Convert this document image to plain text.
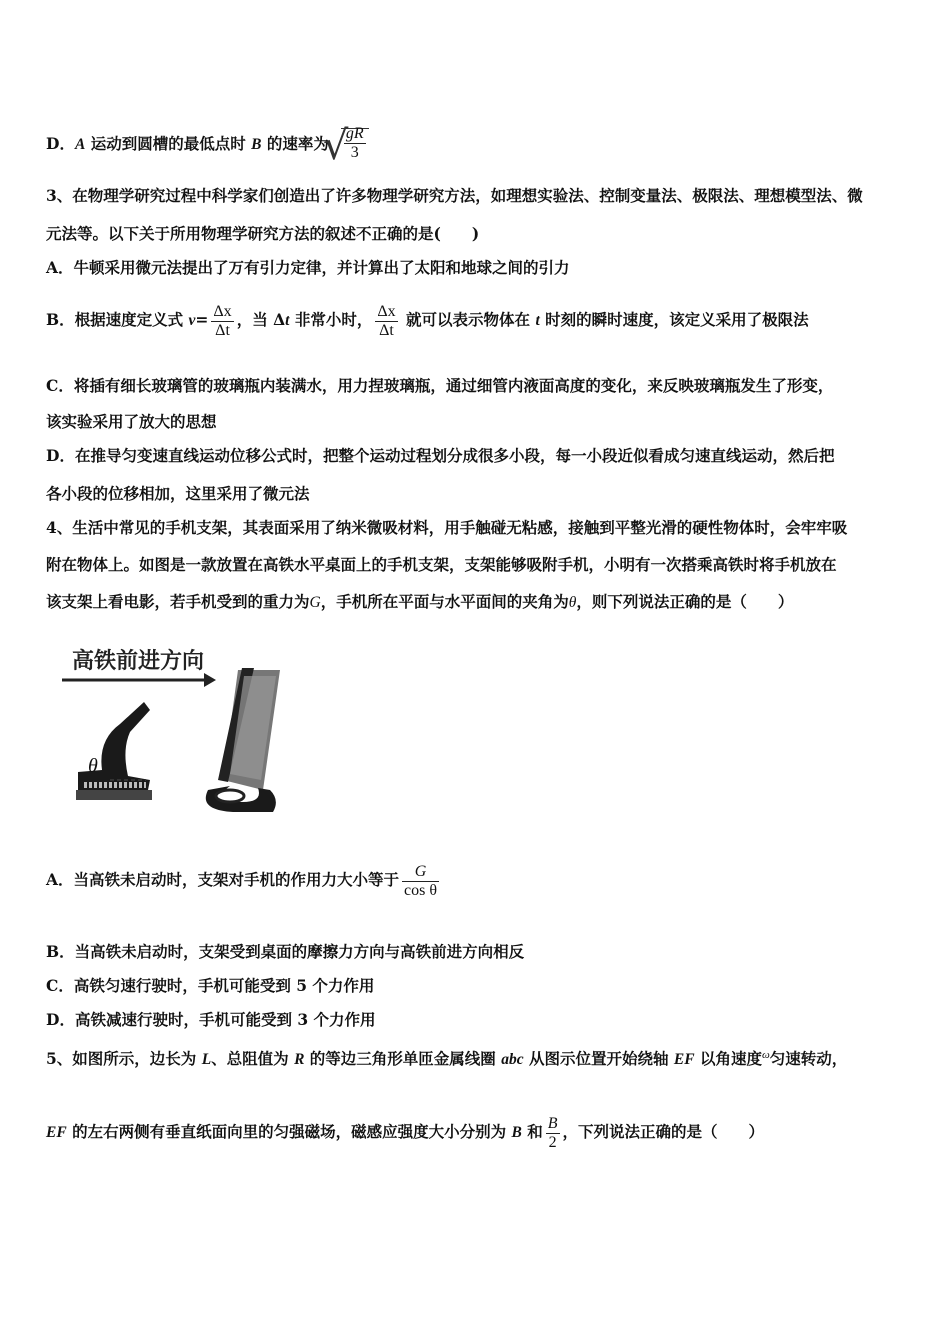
D．A 运动到圆槽的最低点时 B 的速率为
√
$\frac{gR}{3}$
3、在物理学研究过程中科学家们创造出了许多物理学研究方法，如理想实验法、控制变量法、极限法、理想模型法、微
元法等。以下关于所用物理学研究方法的叙述不正确的是(　　)
A．牛顿采用微元法提出了万有引力定律，并计算出了太阳和地球之间的引力
B．根据速度定义式 $v= \frac{\Delta x}{\Delta t}$ ，当 Δt 非常小时， $\frac{\Delta x}{\Delta t}$ 就可以表示物体在 t 时刻的瞬时速度，该定义采用了极限法
C．将插有细长玻璃管的玻璃瓶内装满水，用力捏玻璃瓶，通过细管内液面高度的变化，来反映玻璃瓶发生了形变，
该实验采用了放大的思想
D．在推导匀变速直线运动位移公式时，把整个运动过程划分成很多小段，每一小段近似看成匀速直线运动，然后把
各小段的位移相加，这里采用了微元法
4、生活中常见的手机支架，其表面采用了纳米微吸材料，用手触碰无粘感，接触到平整光滑的硬性物体时，会牢牢吸
附在物体上。如图是一款放置在高铁水平桌面上的手机支架，支架能够吸附手机，小明有一次搭乘高铁时将手机放在
该支架上看电影，若手机受到的重力为G，手机所在平面与水平面间的夹角为θ，则下列说法正确的是（　　）
高铁前进方向
θ
A．当高铁未启动时，支架对手机的作用力大小等于 $\frac{G}{\text{cos θ}}$
B．当高铁未启动时，支架受到桌面的摩擦力方向与高铁前进方向相反
C．高铁匀速行驶时，手机可能受到 5 个力作用
D．高铁减速行驶时，手机可能受到 3 个力作用
5、如图所示，边长为 L、总阻值为 R 的等边三角形单匝金属线圈 abc 从图示位置开始绕轴 EF 以角速度$^\omega$匀速转动，
EF 的左右两侧有垂直纸面向里的匀强磁场，磁感应强度大小分别为 B 和 $\frac{B}{2}$ ，下列说法正确的是（　　）
